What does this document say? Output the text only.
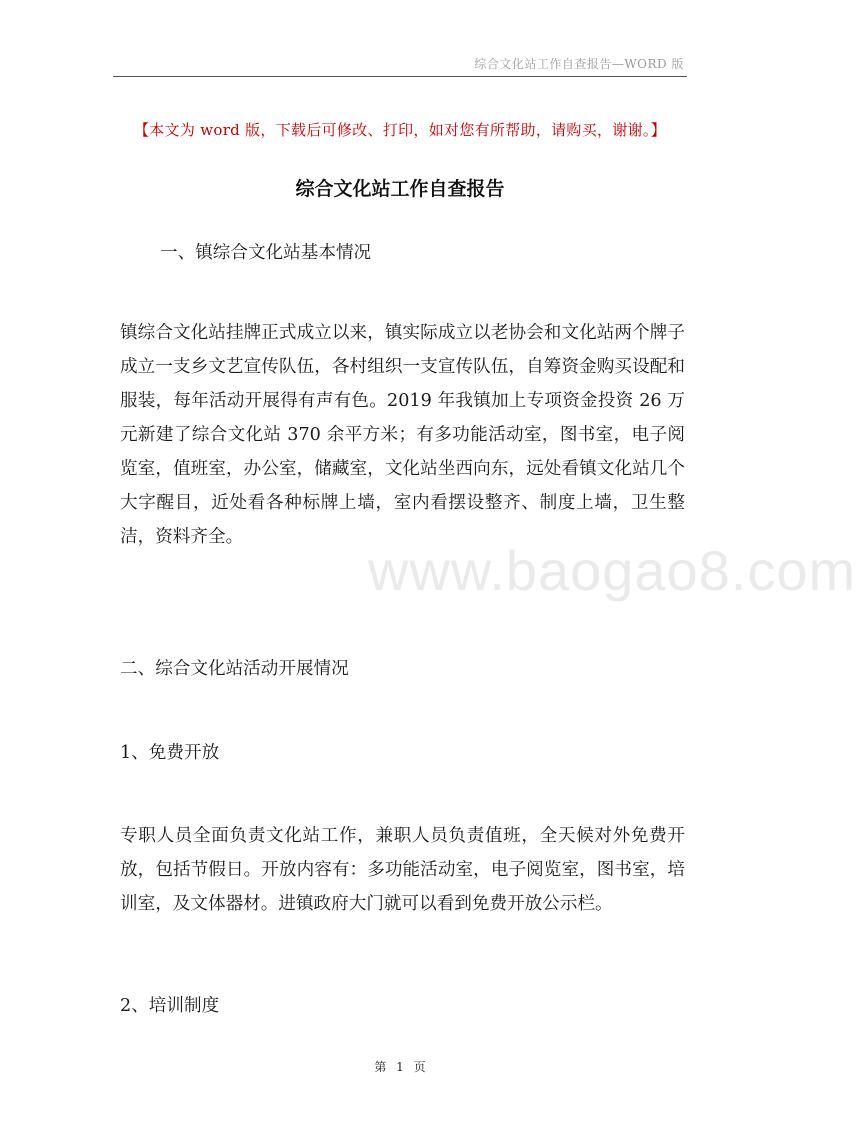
综合文化站工作自查报告—WORD 版
【本文为 word 版，下载后可修改、打印，如对您有所帮助，请购买，谢谢。】
综合文化站工作自查报告
一、镇综合文化站基本情况
镇综合文化站挂牌正式成立以来，镇实际成立以老协会和文化站两个牌子成立一支乡文艺宣传队伍，各村组织一支宣传队伍，自筹资金购买设配和服装，每年活动开展得有声有色。2019 年我镇加上专项资金投资 26 万元新建了综合文化站 370 余平方米；有多功能活动室，图书室，电子阅览室，值班室，办公室，储藏室，文化站坐西向东，远处看镇文化站几个大字醒目，近处看各种标牌上墙，室内看摆设整齐、制度上墙，卫生整洁，资料齐全。
二、综合文化站活动开展情况
1、免费开放
专职人员全面负责文化站工作，兼职人员负责值班，全天候对外免费开放，包括节假日。开放内容有：多功能活动室，电子阅览室，图书室，培训室，及文体器材。进镇政府大门就可以看到免费开放公示栏。
2、培训制度
www.baogao8.com
第 1 页
